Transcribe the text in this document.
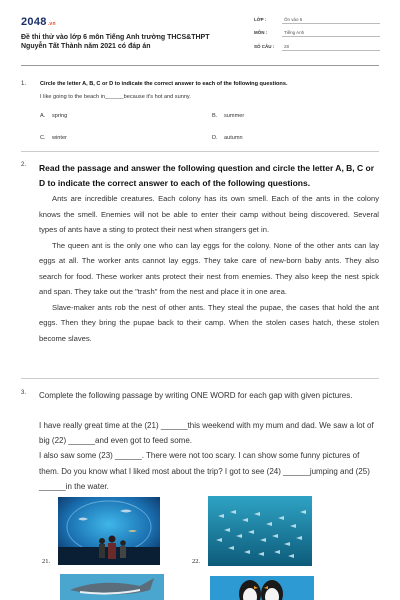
2048.vn
Đề thi thử vào lớp 6 môn Tiếng Anh trường THCS&THPT
Nguyễn Tất Thành năm 2021 có đáp án
LỚP :	Ôn vào 6
MÔN :	Tiếng Anh
SỐ CÂU : 28
1. Circle the letter A, B, C or D to indicate the correct answer to each of the following questions.
I like going to the beach in______because it's hot and sunny.
A. spring	B. summer
C. winter	D. autumn
2. Read the passage and answer the following question and circle the letter A, B, C or D to indicate the correct answer to each of the following questions.

Ants are incredible creatures. Each colony has its own smell. Each of the ants in the colony knows the smell. Enemies will not be able to enter their camp without being discovered. Several types of ants have a sting to protect their nest when strangers get in.

The queen ant is the only one who can lay eggs for the colony. None of the other ants can lay eggs at all. The worker ants cannot lay eggs. They take care of new-born baby ants. They also search for food. These worker ants protect their nest from enemies. They also keep the nest spick and span. They take out the "trash" from the nest and place it in one area.

Slave-maker ants rob the nest of other ants. They steal the pupae, the cases that hold the ant eggs. Then they bring the pupae back to their camp. When the stolen cases hatch, these stolen become slaves.

3. Complete the following passage by writing ONE WORD for each gap with given pictures.

I have really great time at the (21) ______this weekend with my mum and dad. We saw a lot of big (22) ______and even got to feed some.

I also saw some (23) ______. There were not too scary. I can show some funny pictures of them. Do you know what I liked most about the trip? I got to see (24) ______jumping and (25) ______in the water.

21.	22.
